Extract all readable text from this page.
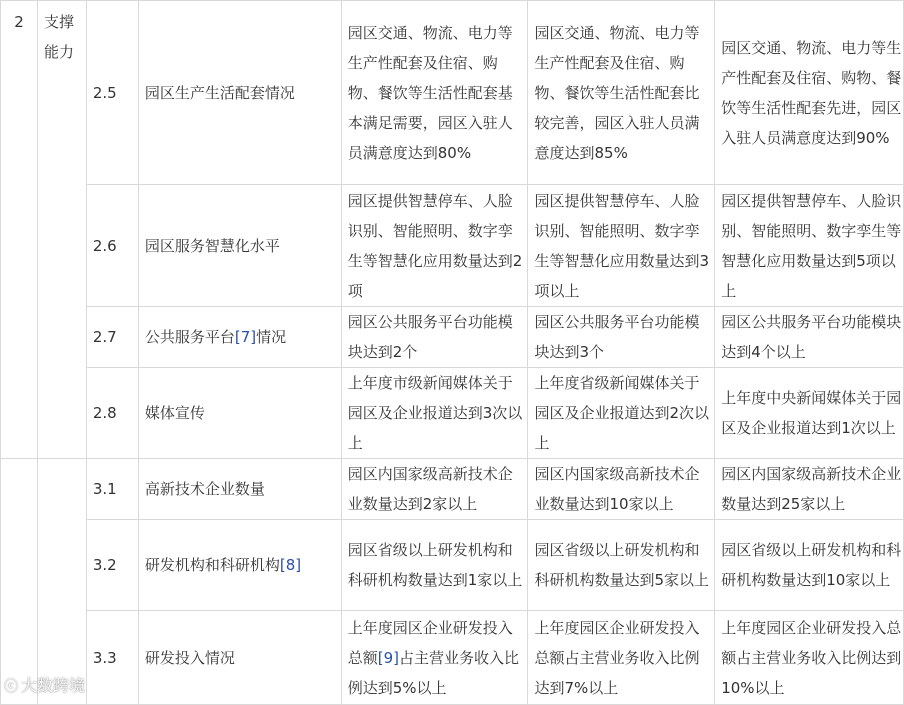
2	支撑能力	2.5	园区生产生活配套情况	园区交通、物流、电力等生产性配套及住宿、购物、餐饮等生活性配套基本满足需要，园区入驻人员满意度达到80%	园区交通、物流、电力等生产性配套及住宿、购物、餐饮等生活性配套比较完善，园区入驻人员满意度达到85%	园区交通、物流、电力等生产性配套及住宿、购物、餐饮等生活性配套先进，园区入驻人员满意度达到90%
		2.6	园区服务智慧化水平	园区提供智慧停车、人脸识别、智能照明、数字孪生等智慧化应用数量达到2项	园区提供智慧停车、人脸识别、智能照明、数字孪生等智慧化应用数量达到3项以上	园区提供智慧停车、人脸识别、智能照明、数字孪生等智慧化应用数量达到5项以上
		2.7	公共服务平台[7]情况	园区公共服务平台功能模块达到2个	园区公共服务平台功能模块达到3个	园区公共服务平台功能模块达到4个以上
		2.8	媒体宣传	上年度市级新闻媒体关于园区及企业报道达到3次以上	上年度省级新闻媒体关于园区及企业报道达到2次以上	上年度中央新闻媒体关于园区及企业报道达到1次以上
		3.1	高新技术企业数量	园区内国家级高新技术企业数量达到2家以上	园区内国家级高新技术企业数量达到10家以上	园区内国家级高新技术企业数量达到25家以上
		3.2	研发机构和科研机构[8]	园区省级以上研发机构和科研机构数量达到1家以上	园区省级以上研发机构和科研机构数量达到5家以上	园区省级以上研发机构和科研机构数量达到10家以上
		3.3	研发投入情况	上年度园区企业研发投入总额[9]占主营业务收入比例达到5%以上	上年度园区企业研发投入总额占主营业务收入比例达到7%以上	上年度园区企业研发投入总额占主营业务收入比例达到10%以上
ⓒ 大数跨境
